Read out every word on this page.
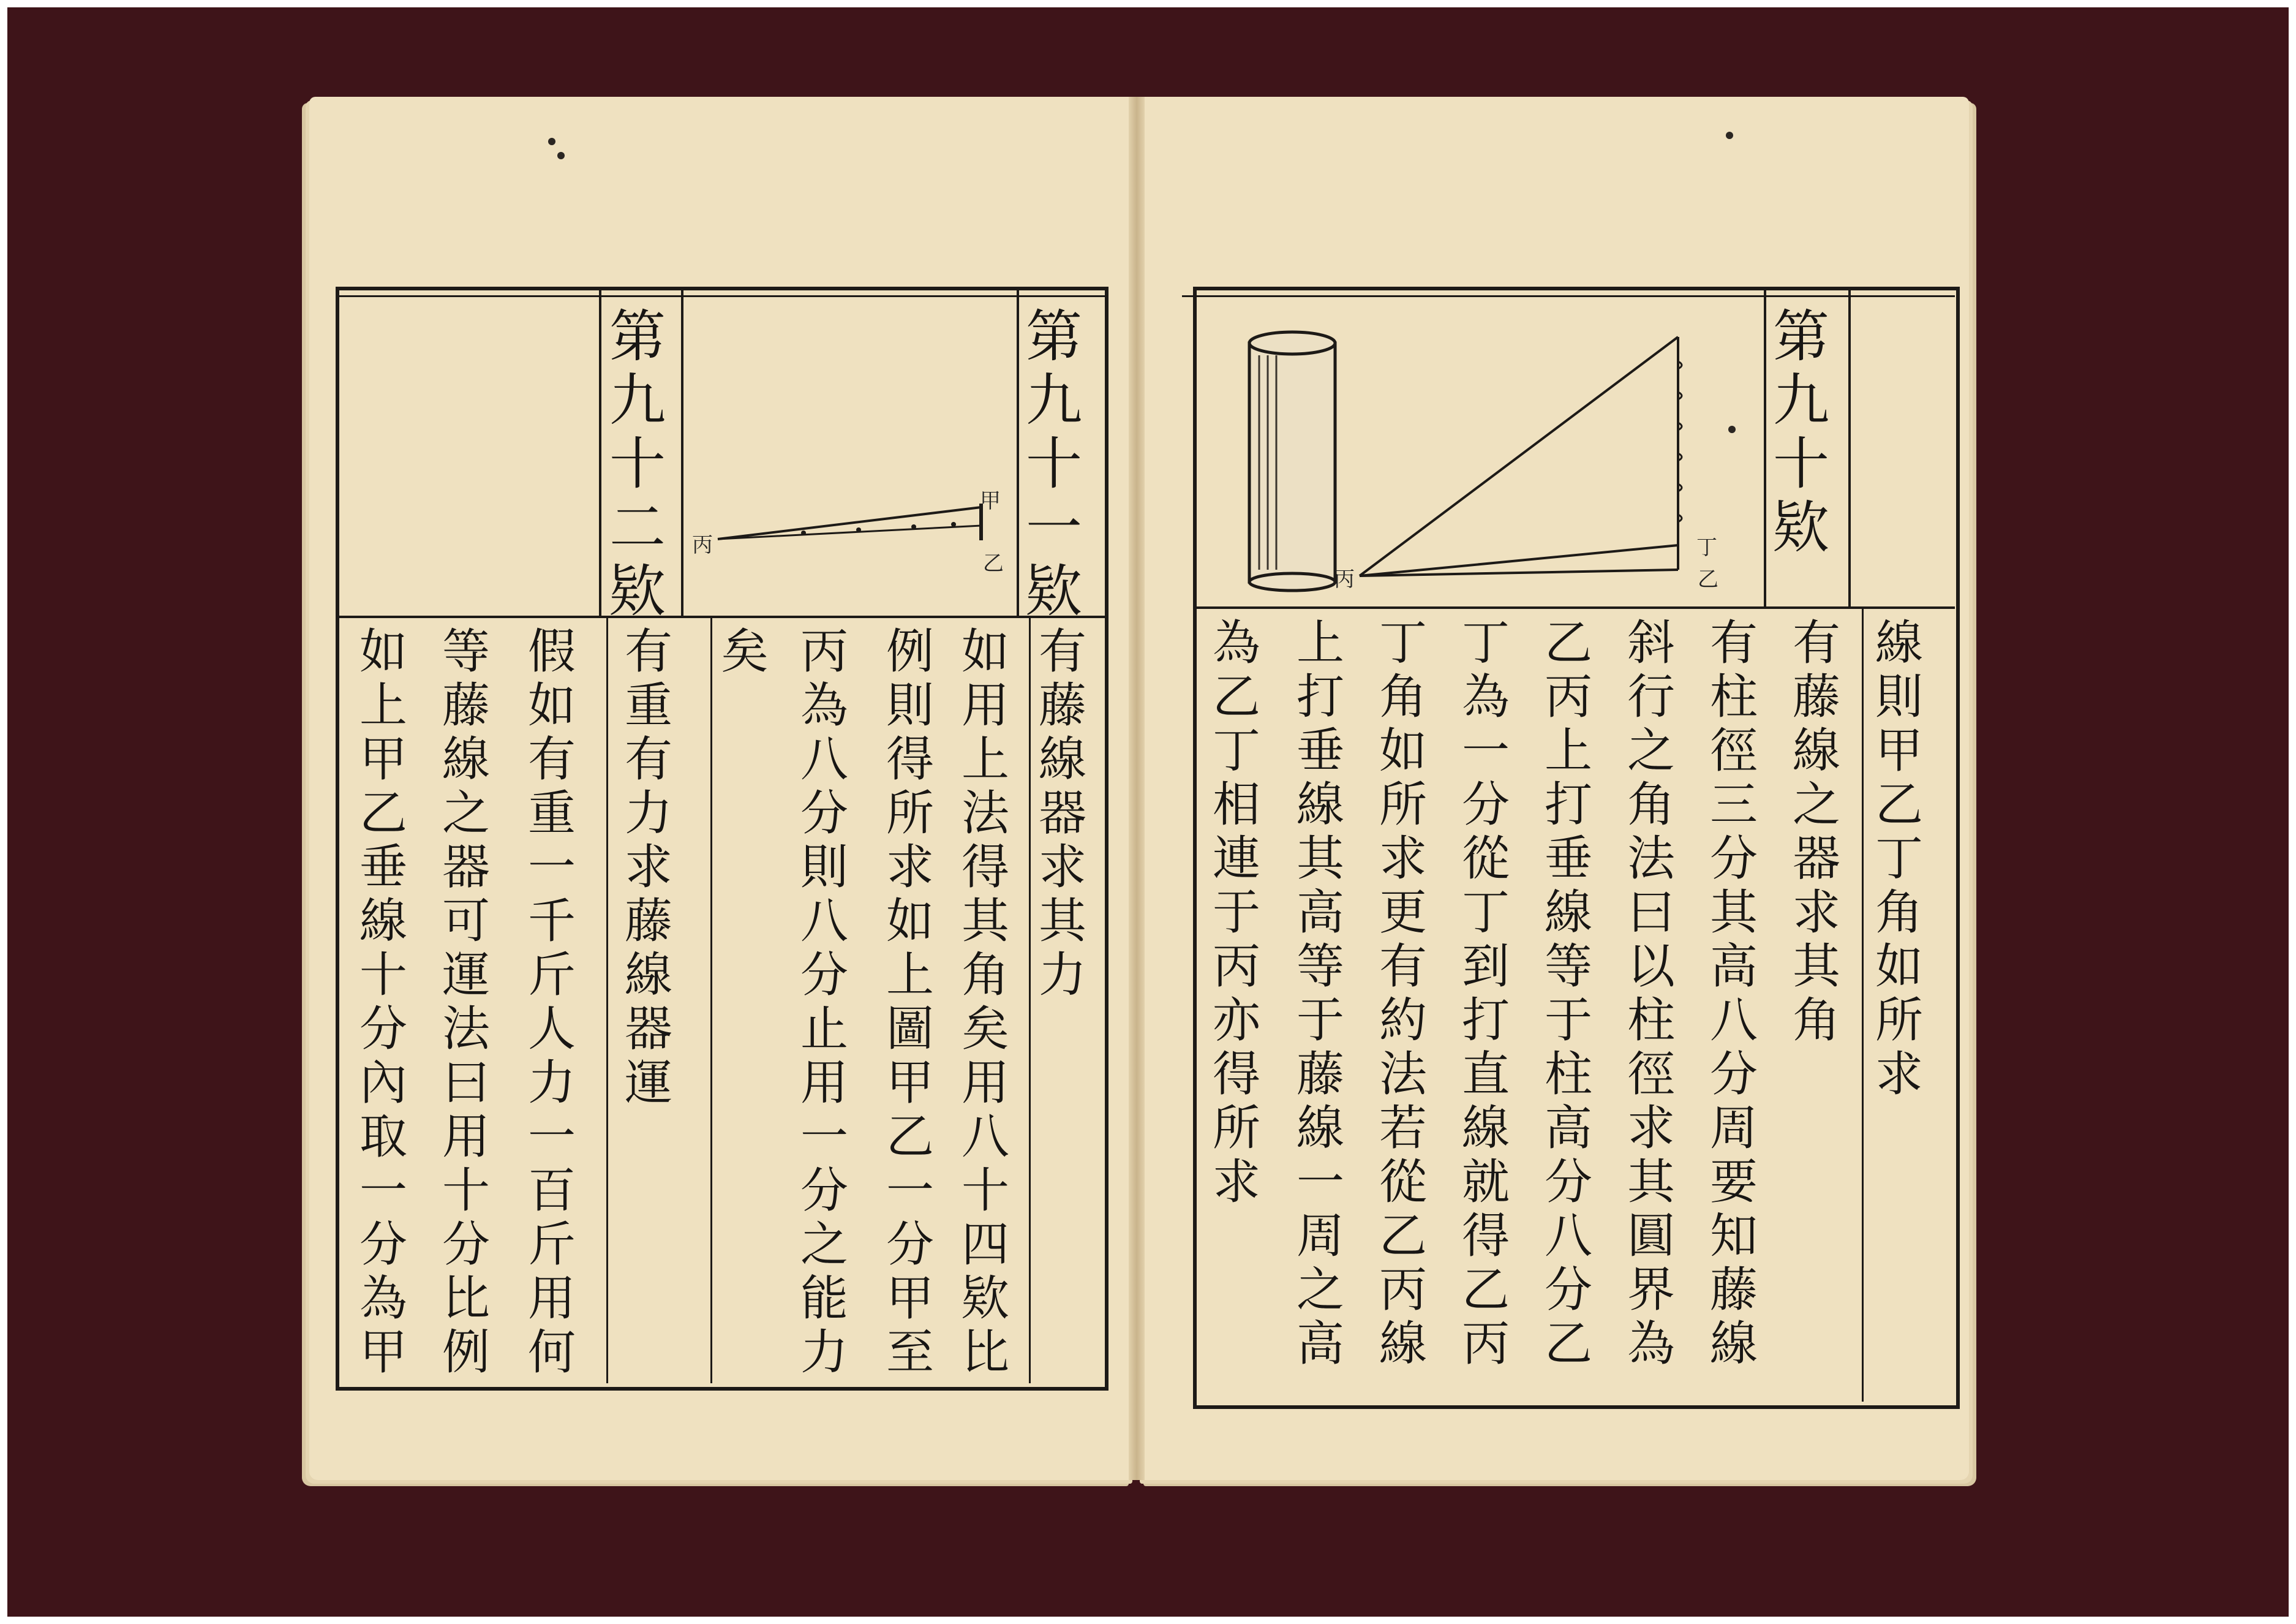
第
九
十
一
欵
第
九
十
二
欵
甲
乙
丙
有
藤
線
器
求
其
力
如
用
上
法
得
其
角
矣
用
八
十
四
欵
比
例
則
得
所
求
如
上
圖
甲
乙
一
分
甲
至
丙
為
八
分
則
八
分
止
用
一
分
之
能
力
矣
有
重
有
力
求
藤
線
器
運
假
如
有
重
一
千
斤
人
力
一
百
斤
用
何
等
藤
線
之
器
可
運
法
曰
用
十
分
比
例
如
上
甲
乙
垂
線
十
分
內
取
一
分
為
甲
第
九
十
欵
丁
乙
丙
線
則
甲
乙
丁
角
如
所
求
有
藤
線
之
器
求
其
角
有
柱
徑
三
分
其
高
八
分
周
要
知
藤
線
斜
行
之
角
法
曰
以
柱
徑
求
其
圓
界
為
乙
丙
上
打
垂
線
等
于
柱
高
分
八
分
乙
丁
為
一
分
從
丁
到
打
直
線
就
得
乙
丙
丁
角
如
所
求
更
有
約
法
若
從
乙
丙
線
上
打
垂
線
其
高
等
于
藤
線
一
周
之
高
為
乙
丁
相
連
于
丙
亦
得
所
求
